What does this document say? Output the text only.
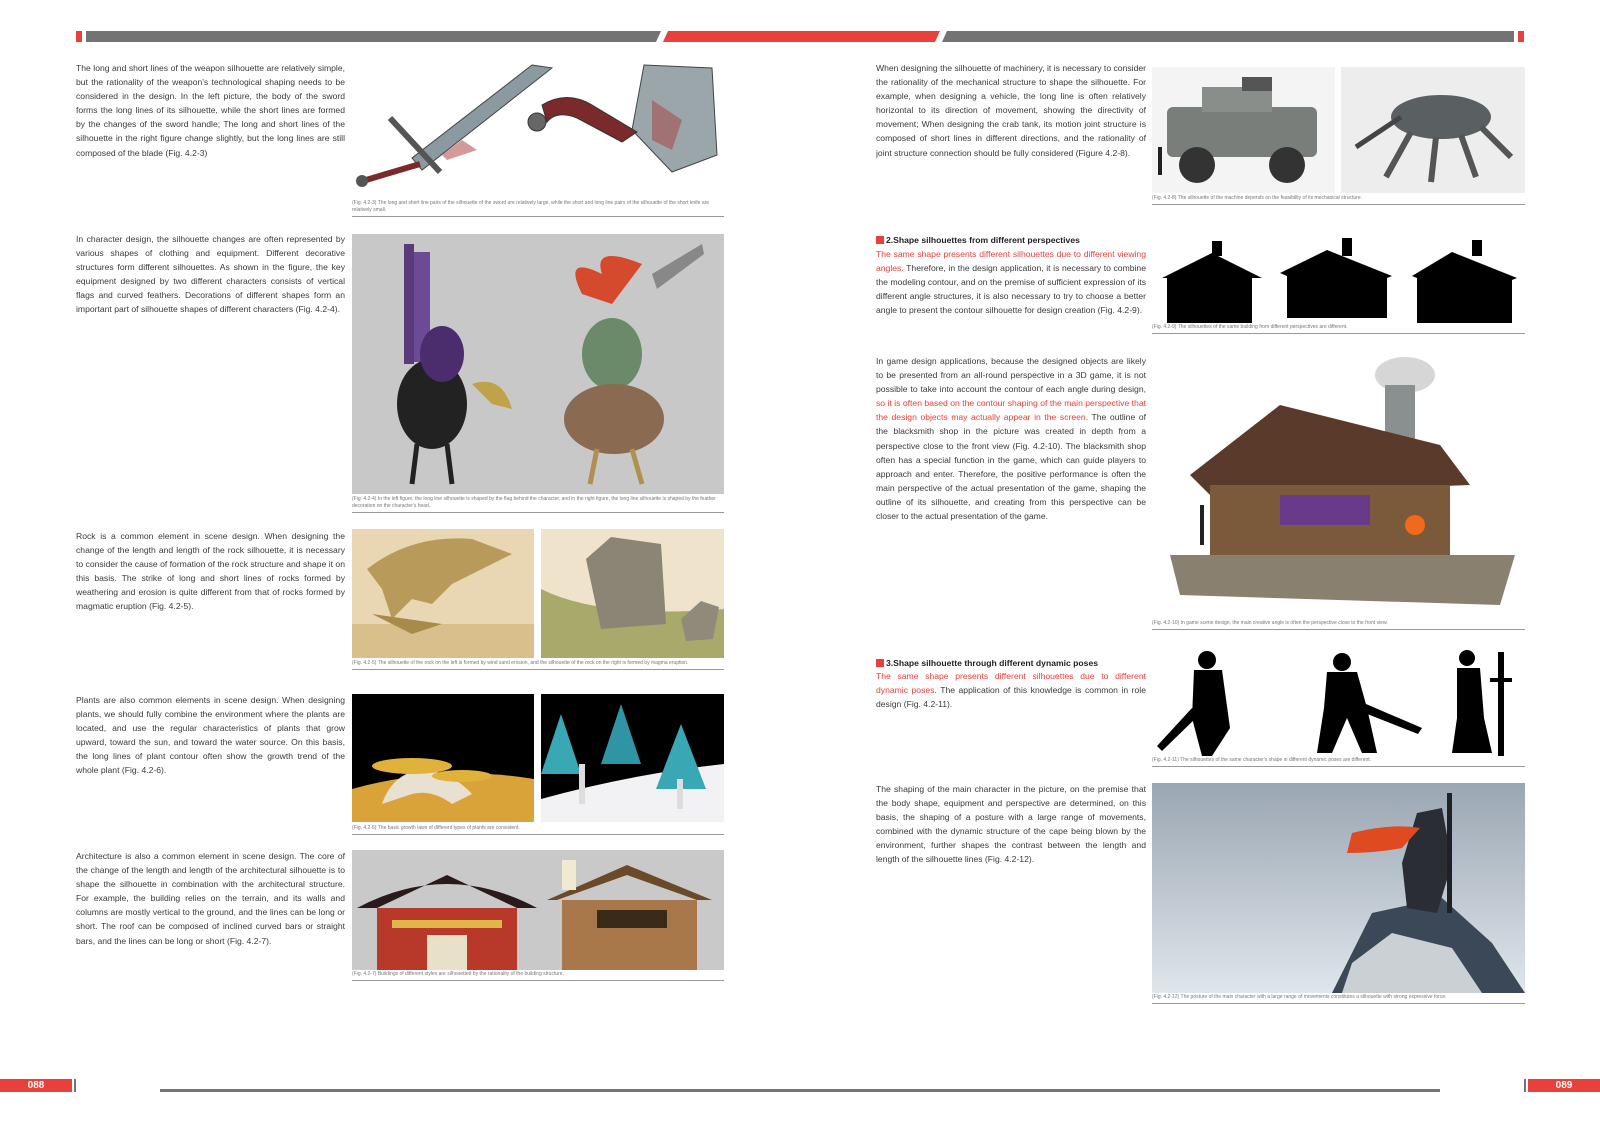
The long and short lines of the weapon silhouette are relatively simple, but the rationality of the weapon's technological shaping needs to be considered in the design. In the left picture, the body of the sword forms the long lines of its silhouette, while the short lines are formed by the changes of the sword handle; The long and short lines of the silhouette in the right figure change slightly, but the long lines are still composed of the blade (Fig. 4.2-3)

(Fig. 4.2-3) The long and short line pairs of the silhouette of the sword are relatively large, while the short and long line pairs of the silhouette of the short knife are relatively small.

In character design, the silhouette changes are often represented by various shapes of clothing and equipment. Different decorative structures form different silhouettes. As shown in the figure, the key equipment designed by two different characters consists of vertical flags and curved feathers. Decorations of different shapes form an important part of silhouette shapes of different characters (Fig. 4.2-4).

(Fig. 4.2-4) In the left figure, the long line silhouette is shaped by the flag behind the character, and in the right figure, the long line silhouette is shaped by the feather decoration on the character's head.

Rock is a common element in scene design. When designing the change of the length and length of the rock silhouette, it is necessary to consider the cause of formation of the rock structure and shape it on this basis. The strike of long and short lines of rocks formed by weathering and erosion is quite different from that of rocks formed by magmatic eruption (Fig. 4.2-5).

(Fig. 4.2-5) The silhouette of the rock on the left is formed by wind sand erosion, and the silhouette of the rock on the right is formed by magma eruption.

Plants are also common elements in scene design. When designing plants, we should fully combine the environment where the plants are located, and use the regular characteristics of plants that grow upward, toward the sun, and toward the water source. On this basis, the long lines of plant contour often show the growth trend of the whole plant (Fig. 4.2-6).

(Fig. 4.2-6) The basic growth laws of different types of plants are consistent.

Architecture is also a common element in scene design. The core of the change of the length and length of the architectural silhouette is to shape the silhouette in combination with the architectural structure. For example, the building relies on the terrain, and its walls and columns are mostly vertical to the ground, and the lines can be long or short. The roof can be composed of inclined curved bars or straight bars, and the lines can be long or short (Fig. 4.2-7).

(Fig. 4.2-7) Buildings of different styles are silhouetted by the rationality of the building structure.

When designing the silhouette of machinery, it is necessary to consider the rationality of the mechanical structure to shape the silhouette. For example, when designing a vehicle, the long line is often relatively horizontal to its direction of movement, showing the directivity of movement; When designing the crab tank, its motion joint structure is composed of short lines in different directions, and the rationality of joint structure connection should be fully considered (Figure 4.2-8).

(Fig. 4.2-8) The silhouette of the machine depends on the feasibility of its mechanical structure.

2.Shape silhouettes from different perspectives

The same shape presents different silhouettes due to different viewing angles. Therefore, in the design application, it is necessary to combine the modeling contour, and on the premise of sufficient expression of its different angle structures, it is also necessary to try to choose a better angle to present the contour silhouette for design creation (Fig. 4.2-9).

(Fig. 4.2-9) The silhouettes of the same building from different perspectives are different.

In game design applications, because the designed objects are likely to be presented from an all-round perspective in a 3D game, it is not possible to take into account the contour of each angle during design, so it is often based on the contour shaping of the main perspective that the design objects may actually appear in the screen. The outline of the blacksmith shop in the picture was created in depth from a perspective close to the front view (Fig. 4.2-10). The blacksmith shop often has a special function in the game, which can guide players to approach and enter. Therefore, the positive performance is often the main perspective of the actual presentation of the game, shaping the outline of its silhouette, and creating from this perspective can be closer to the actual presentation of the game.

(Fig. 4.2-10) In game scene design, the main creative angle is often the perspective close to the front view.

3.Shape silhouette through different dynamic poses

The same shape presents different silhouettes due to different dynamic poses. The application of this knowledge is common in role design (Fig. 4.2-11).

(Fig. 4.2-11) The silhouettes of the same character's shape in different dynamic poses are different.

The shaping of the main character in the picture, on the premise that the body shape, equipment and perspective are determined, on this basis, the shaping of a posture with a large range of movements, combined with the dynamic structure of the cape being blown by the environment, further shapes the contrast between the length and length of the silhouette lines (Fig. 4.2-12).

(Fig. 4.2-12) The posture of the main character with a large range of movements constitutes a silhouette with strong expressive force.

088	089
